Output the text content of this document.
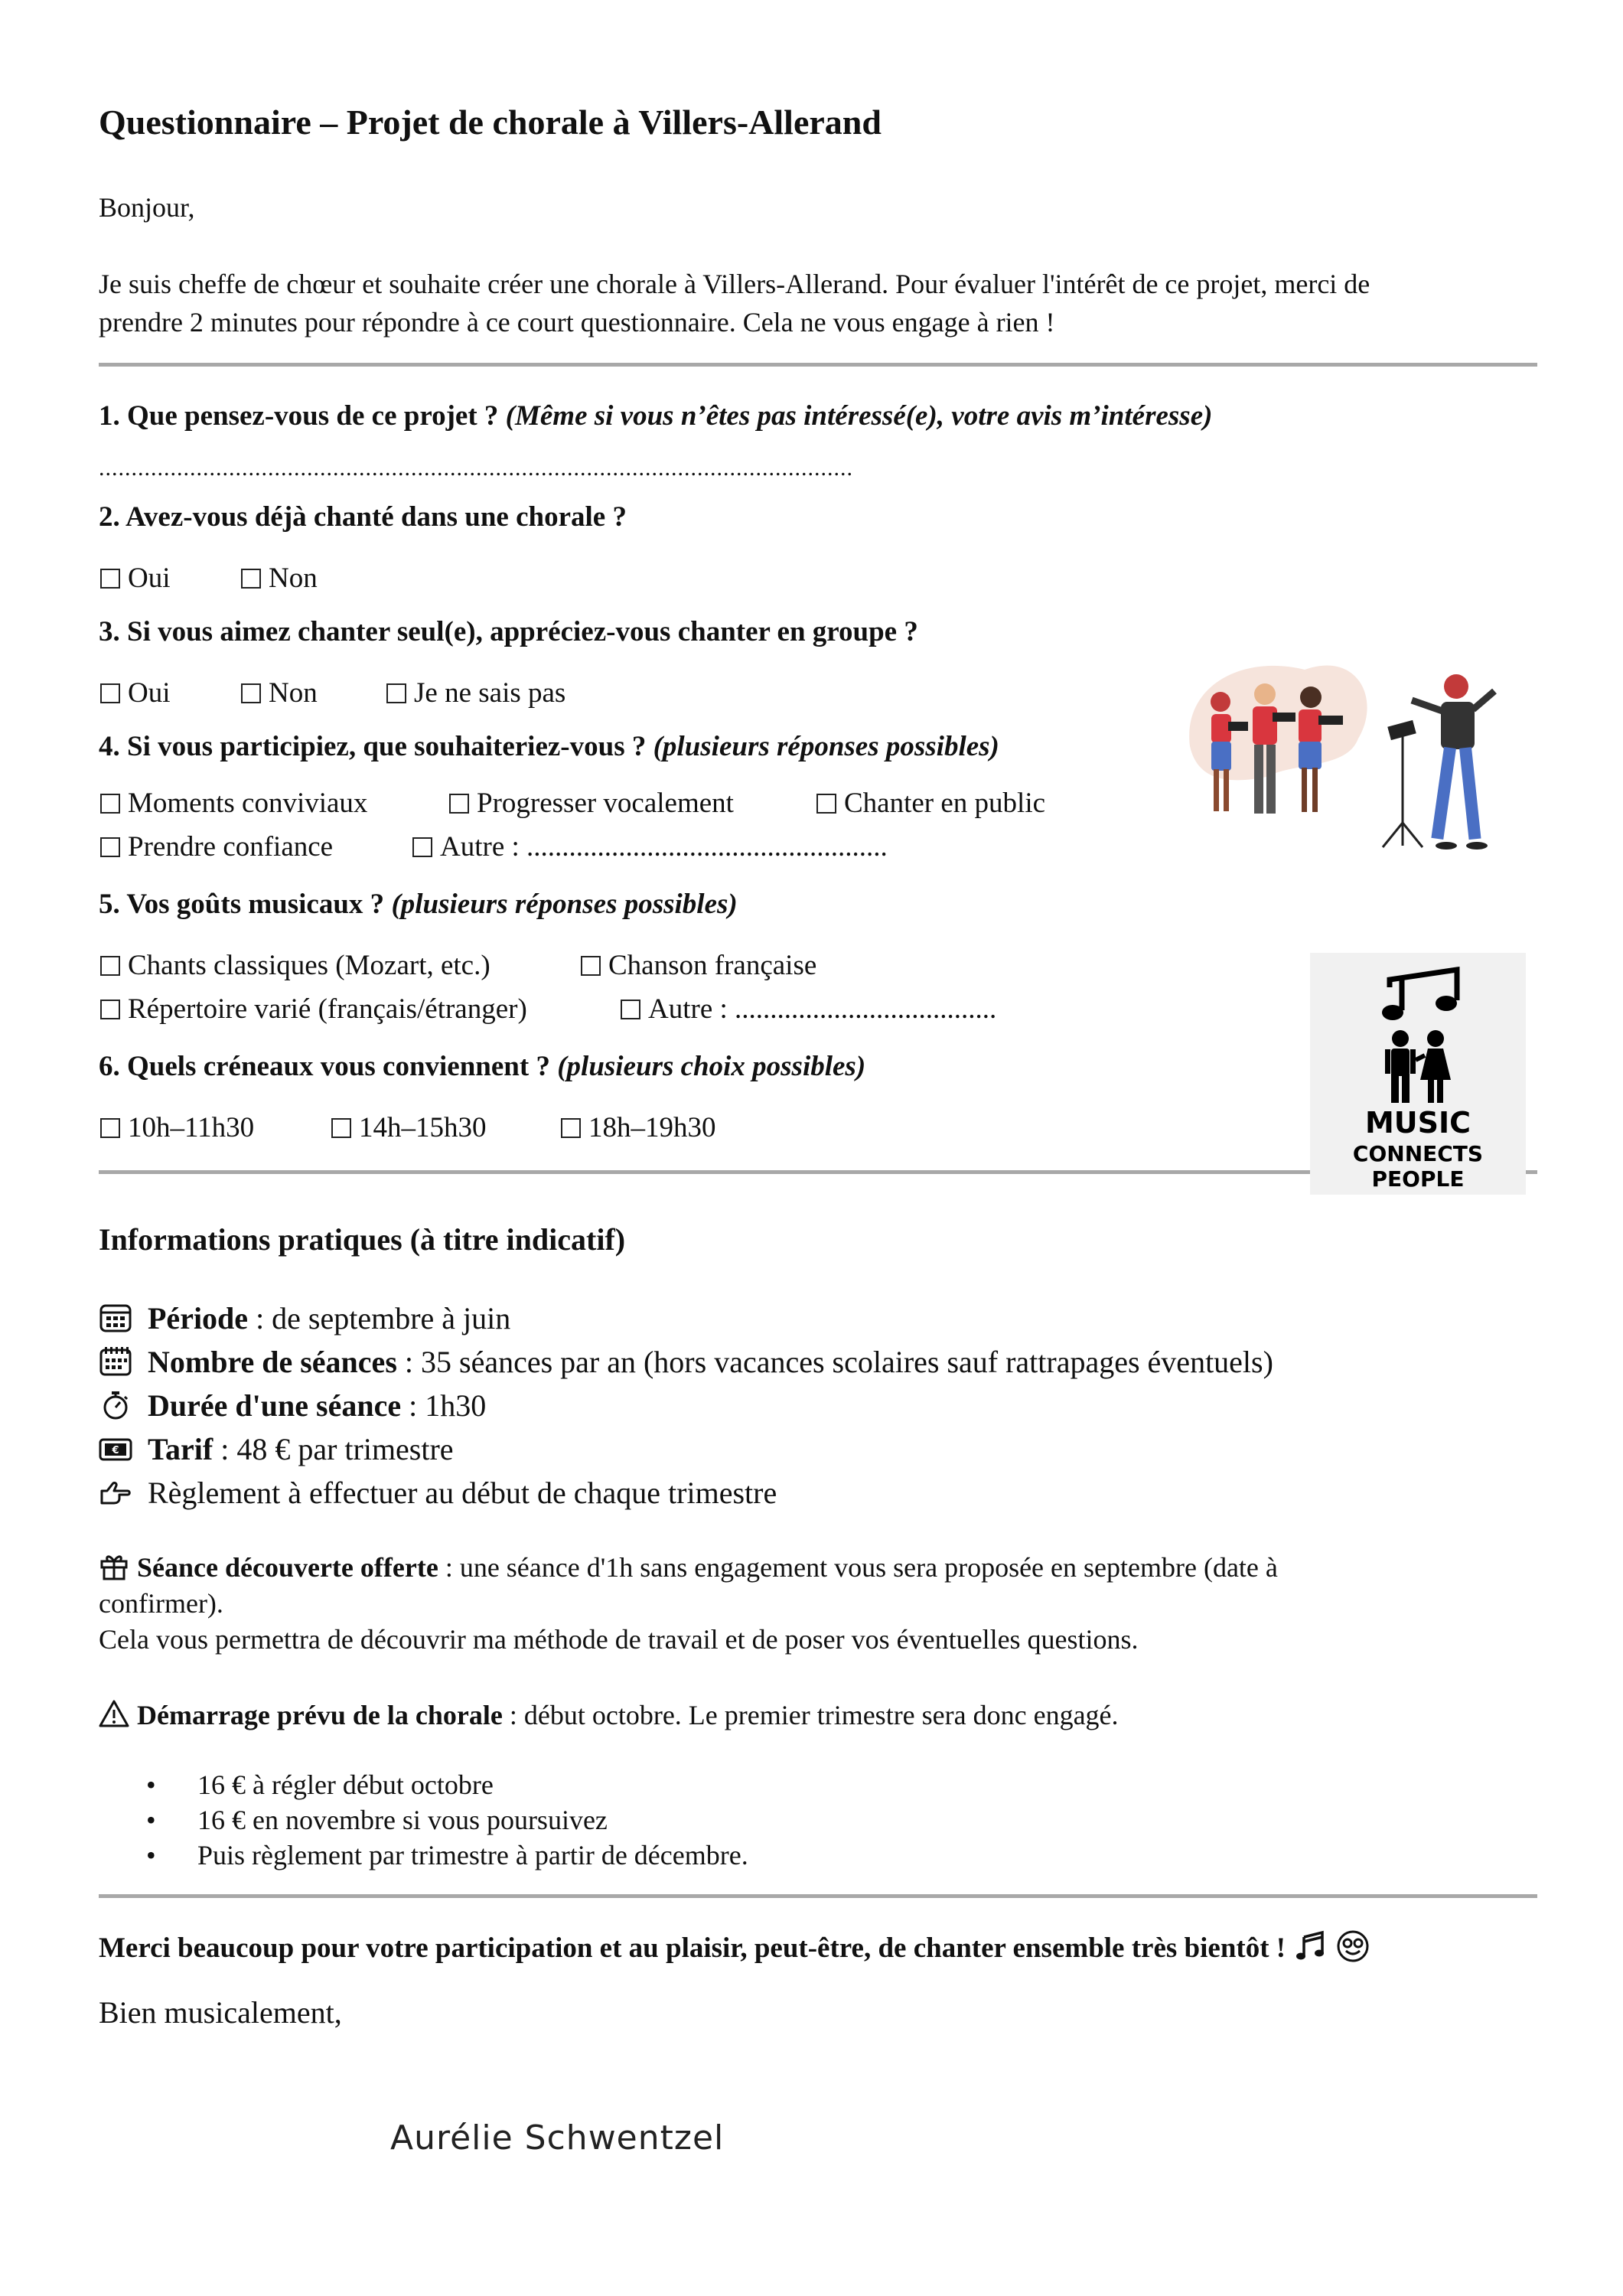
Questionnaire – Projet de chorale à Villers-Allerand

Bonjour,

Je suis cheffe de chœur et souhaite créer une chorale à Villers-Allerand. Pour évaluer l'intérêt de ce projet, merci de

prendre 2 minutes pour répondre à ce court questionnaire. Cela ne vous engage à rien !

1. Que pensez-vous de ce projet ? (Même si vous n’êtes pas intéressé(e), votre avis m’intéresse)

....................................................................................................................

2. Avez-vous déjà chanté dans une chorale ?

Oui	Non

3. Si vous aimez chanter seul(e), appréciez-vous chanter en groupe ?

Oui	Non	Je ne sais pas

4. Si vous participiez, que souhaiteriez-vous ? (plusieurs réponses possibles)

Moments conviviaux	Progresser vocalement	Chanter en public
Prendre confiance	Autre : ...................................................

5. Vos goûts musicaux ? (plusieurs réponses possibles)

Chants classiques (Mozart, etc.)	Chanson française
Répertoire varié (français/étranger)	Autre : .....................................

6. Quels créneaux vous conviennent ? (plusieurs choix possibles)

10h–11h30	14h–15h30	18h–19h30

Informations pratiques (à titre indicatif)

Période : de septembre à juin
Nombre de séances : 35 séances par an (hors vacances scolaires sauf rattrapages éventuels)
Durée d'une séance : 1h30
€ Tarif : 48 € par trimestre
Règlement à effectuer au début de chaque trimestre

Séance découverte offerte : une séance d'1h sans engagement vous sera proposée en septembre (date à
confirmer).
Cela vous permettra de découvrir ma méthode de travail et de poser vos éventuelles questions.

Démarrage prévu de la chorale : début octobre. Le premier trimestre sera donc engagé.

• 16 € à régler début octobre
• 16 € en novembre si vous poursuivez
• Puis règlement par trimestre à partir de décembre.

Merci beaucoup pour votre participation et au plaisir, peut-être, de chanter ensemble très bientôt !

Bien musicalement,

Aurélie Schwentzel
MUSIC
CONNECTS PEOPLE
